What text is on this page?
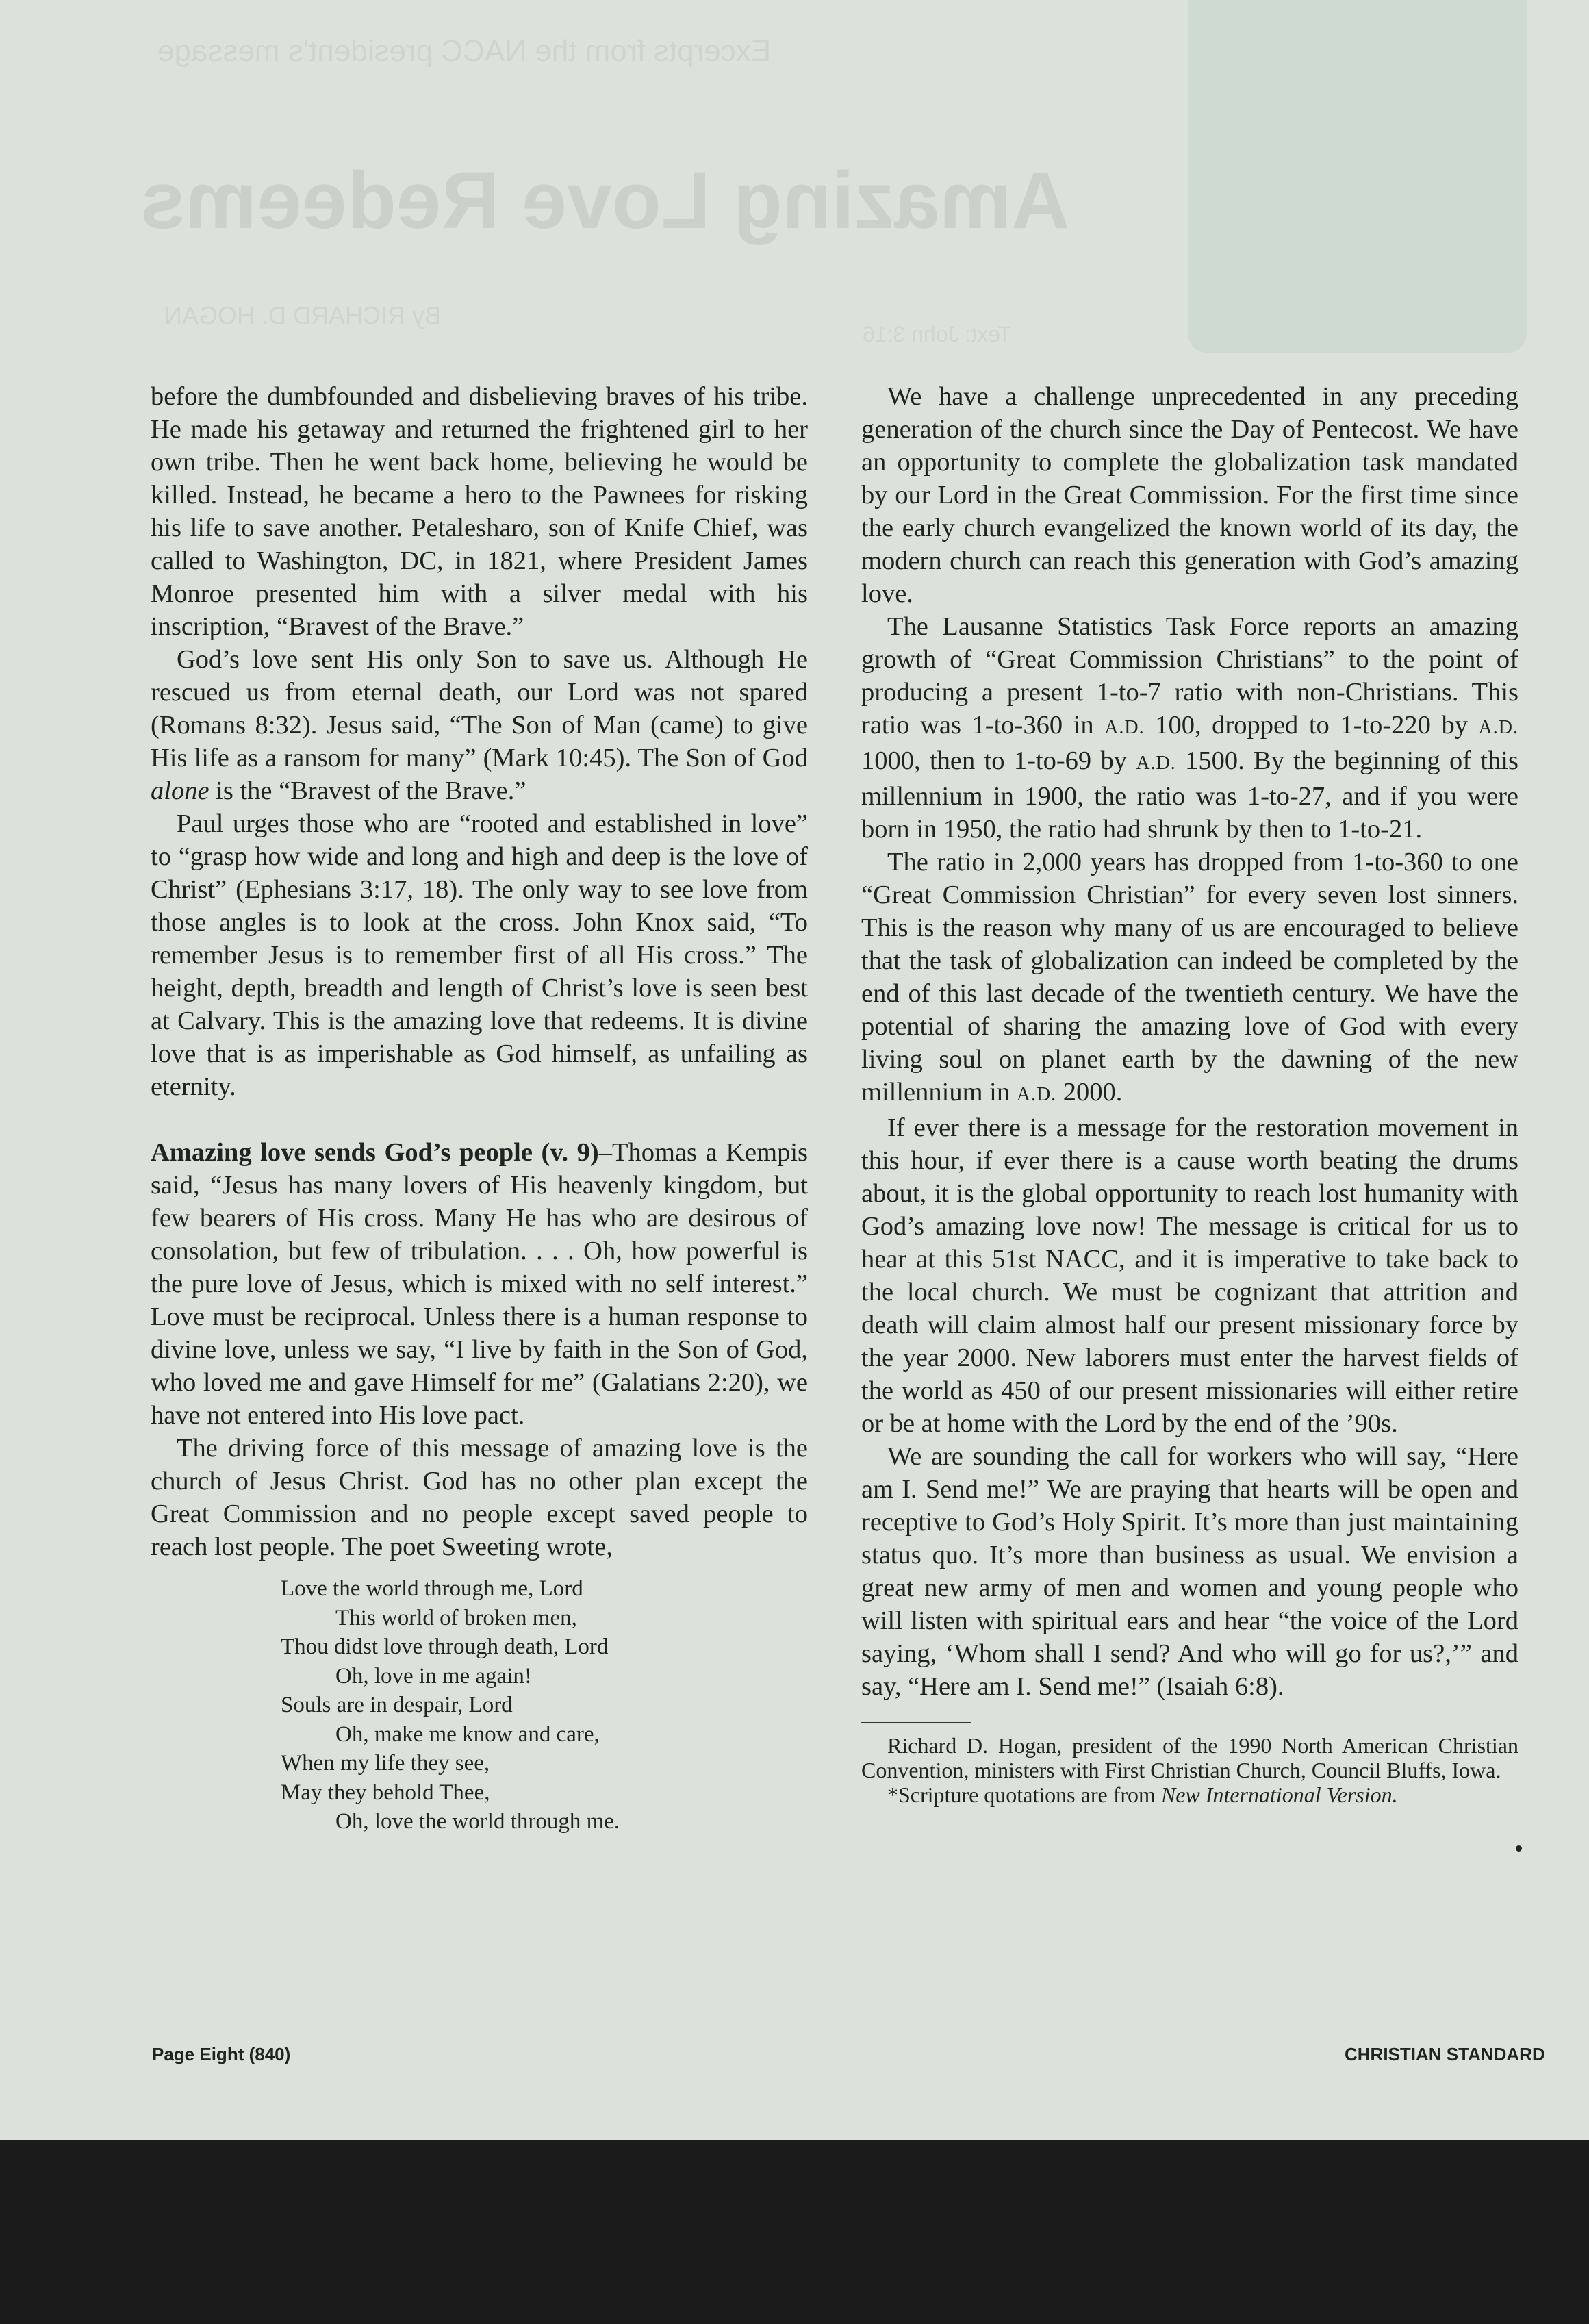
Excerpts from the NACC president's message
Amazing Love Redeems
By RICHARD D. HOGAN
Text: John 3:16

before the dumbfounded and disbelieving braves of his tribe. He made his getaway and returned the frightened girl to her own tribe. Then he went back home, believing he would be killed. Instead, he became a hero to the Pawnees for risking his life to save another. Petalesharo, son of Knife Chief, was called to Washington, DC, in 1821, where President James Monroe presented him with a silver medal with his inscription, “Bravest of the Brave.”

God’s love sent His only Son to save us. Although He rescued us from eternal death, our Lord was not spared (Romans 8:32). Jesus said, “The Son of Man (came) to give His life as a ransom for many” (Mark 10:45). The Son of God alone is the “Bravest of the Brave.”

Paul urges those who are “rooted and established in love” to “grasp how wide and long and high and deep is the love of Christ” (Ephesians 3:17, 18). The only way to see love from those angles is to look at the cross. John Knox said, “To remember Jesus is to remember first of all His cross.” The height, depth, breadth and length of Christ’s love is seen best at Calvary. This is the amazing love that redeems. It is divine love that is as imperishable as God himself, as unfailing as eternity.

Amazing love sends God’s people (v. 9)–Thomas a Kempis said, “Jesus has many lovers of His heavenly kingdom, but few bearers of His cross. Many He has who are desirous of consolation, but few of tribulation. . . . Oh, how powerful is the pure love of Jesus, which is mixed with no self interest.” Love must be reciprocal. Unless there is a human response to divine love, unless we say, “I live by faith in the Son of God, who loved me and gave Himself for me” (Galatians 2:20), we have not entered into His love pact.

The driving force of this message of amazing love is the church of Jesus Christ. God has no other plan except the Great Commission and no people except saved people to reach lost people. The poet Sweeting wrote,

Love the world through me, Lord
This world of broken men,
Thou didst love through death, Lord
Oh, love in me again!
Souls are in despair, Lord
Oh, make me know and care,
When my life they see,
May they behold Thee,
Oh, love the world through me.

We have a challenge unprecedented in any preceding generation of the church since the Day of Pentecost. We have an opportunity to complete the globalization task mandated by our Lord in the Great Commission. For the first time since the early church evangelized the known world of its day, the modern church can reach this generation with God’s amazing love.

The Lausanne Statistics Task Force reports an amazing growth of “Great Commission Christians” to the point of producing a present 1-to-7 ratio with non-Christians. This ratio was 1-to-360 in A.D. 100, dropped to 1-to-220 by A.D. 1000, then to 1-to-69 by A.D. 1500. By the beginning of this millennium in 1900, the ratio was 1-to-27, and if you were born in 1950, the ratio had shrunk by then to 1-to-21.

The ratio in 2,000 years has dropped from 1-to-360 to one “Great Commission Christian” for every seven lost sinners. This is the reason why many of us are encouraged to believe that the task of globalization can indeed be completed by the end of this last decade of the twentieth century. We have the potential of sharing the amazing love of God with every living soul on planet earth by the dawning of the new millennium in A.D. 2000.

If ever there is a message for the restoration movement in this hour, if ever there is a cause worth beating the drums about, it is the global opportunity to reach lost humanity with God’s amazing love now! The message is critical for us to hear at this 51st NACC, and it is imperative to take back to the local church. We must be cognizant that attrition and death will claim almost half our present missionary force by the year 2000. New laborers must enter the harvest fields of the world as 450 of our present missionaries will either retire or be at home with the Lord by the end of the ’90s.

We are sounding the call for workers who will say, “Here am I. Send me!” We are praying that hearts will be open and receptive to God’s Holy Spirit. It’s more than just maintaining status quo. It’s more than business as usual. We envision a great new army of men and women and young people who will listen with spiritual ears and hear “the voice of the Lord saying, ‘Whom shall I send? And who will go for us?,’” and say, “Here am I. Send me!” (Isaiah 6:8).

Richard D. Hogan, president of the 1990 North American Christian Convention, ministers with First Christian Church, Council Bluffs, Iowa.

*Scripture quotations are from New International Version.

Page Eight (840)	CHRISTIAN STANDARD
